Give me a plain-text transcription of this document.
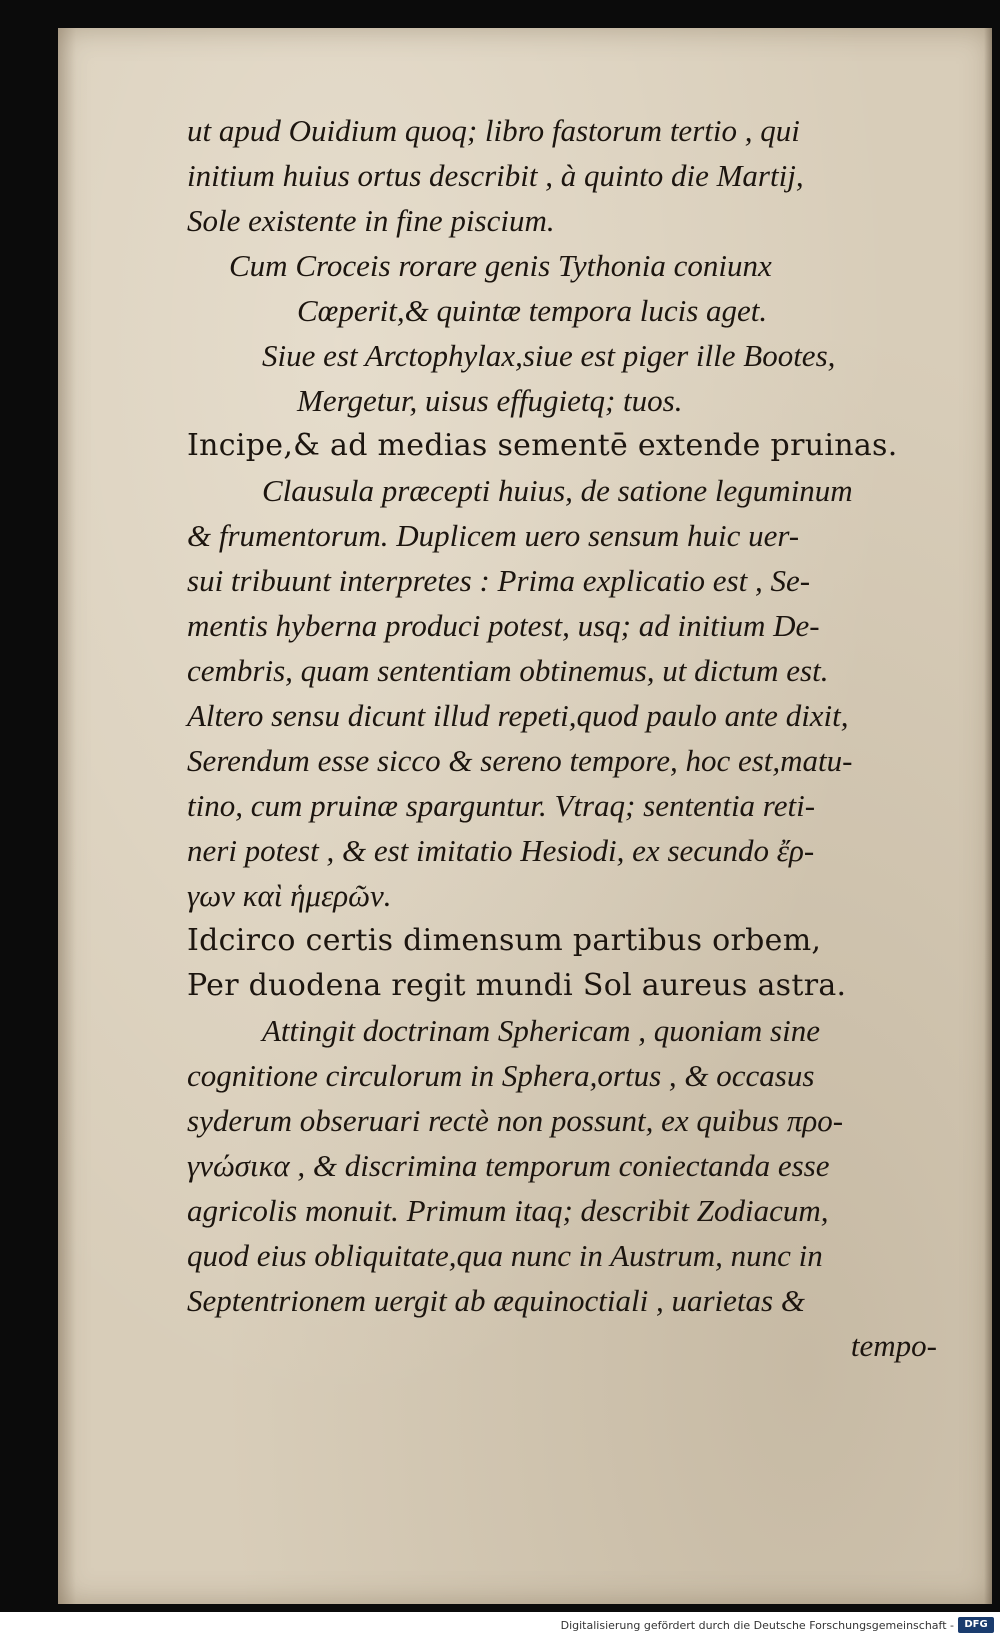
ut apud Ouidium quoq; libro fastorum tertio , qui
initium huius ortus describit , à quinto die Martij,
Sole existente in fine piscium.
Cum Croceis rorare genis Tythonia coniunx
Cœperit,& quintæ tempora lucis aget.
Siue est Arctophylax,siue est piger ille Bootes,
Mergetur, uisus effugietq; tuos.
Incipe,& ad medias sementē extende pruinas.
Clausula præcepti huius, de satione leguminum
& frumentorum. Duplicem uero sensum huic uer-
sui tribuunt interpretes : Prima explicatio est , Se-
mentis hyberna produci potest, usq; ad initium De-
cembris, quam sententiam obtinemus, ut dictum est.
Altero sensu dicunt illud repeti,quod paulo ante dixit,
Serendum esse sicco & sereno tempore, hoc est,matu-
tino, cum pruinæ sparguntur. Vtraq; sententia reti-
neri potest , & est imitatio Hesiodi, ex secundo ἔρ-
γων καὶ ἡμερῶν.
Idcirco certis dimensum partibus orbem,
Per duodena regit mundi Sol aureus astra.
Attingit doctrinam Sphericam , quoniam sine
cognitione circulorum in Sphera,ortus , & occasus
syderum obseruari rectè non possunt, ex quibus προ-
γνώσικα , & discrimina temporum coniectanda esse
agricolis monuit. Primum itaq; describit Zodiacum,
quod eius obliquitate,qua nunc in Austrum, nunc in
Septentrionem uergit ab æquinoctiali , uarietas &
tempo-
Digitalisierung gefördert durch die Deutsche Forschungsgemeinschaft -	DFG
